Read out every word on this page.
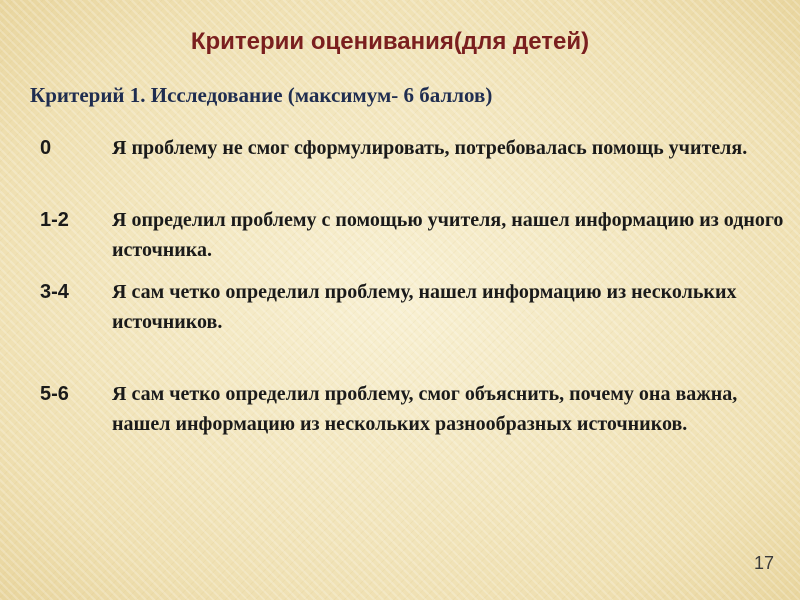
Критерии оценивания(для детей)
Критерий 1. Исследование (максимум- 6 баллов)
0	Я проблему не смог сформулировать, потребовалась помощь учителя.
1-2	Я определил проблему с помощью учителя, нашел информацию из одного источника.
3-4	Я сам четко определил проблему, нашел информацию из нескольких источников.
5-6	Я сам четко определил проблему, смог объяснить, почему она важна, нашел информацию из нескольких разнообразных источников.
17
